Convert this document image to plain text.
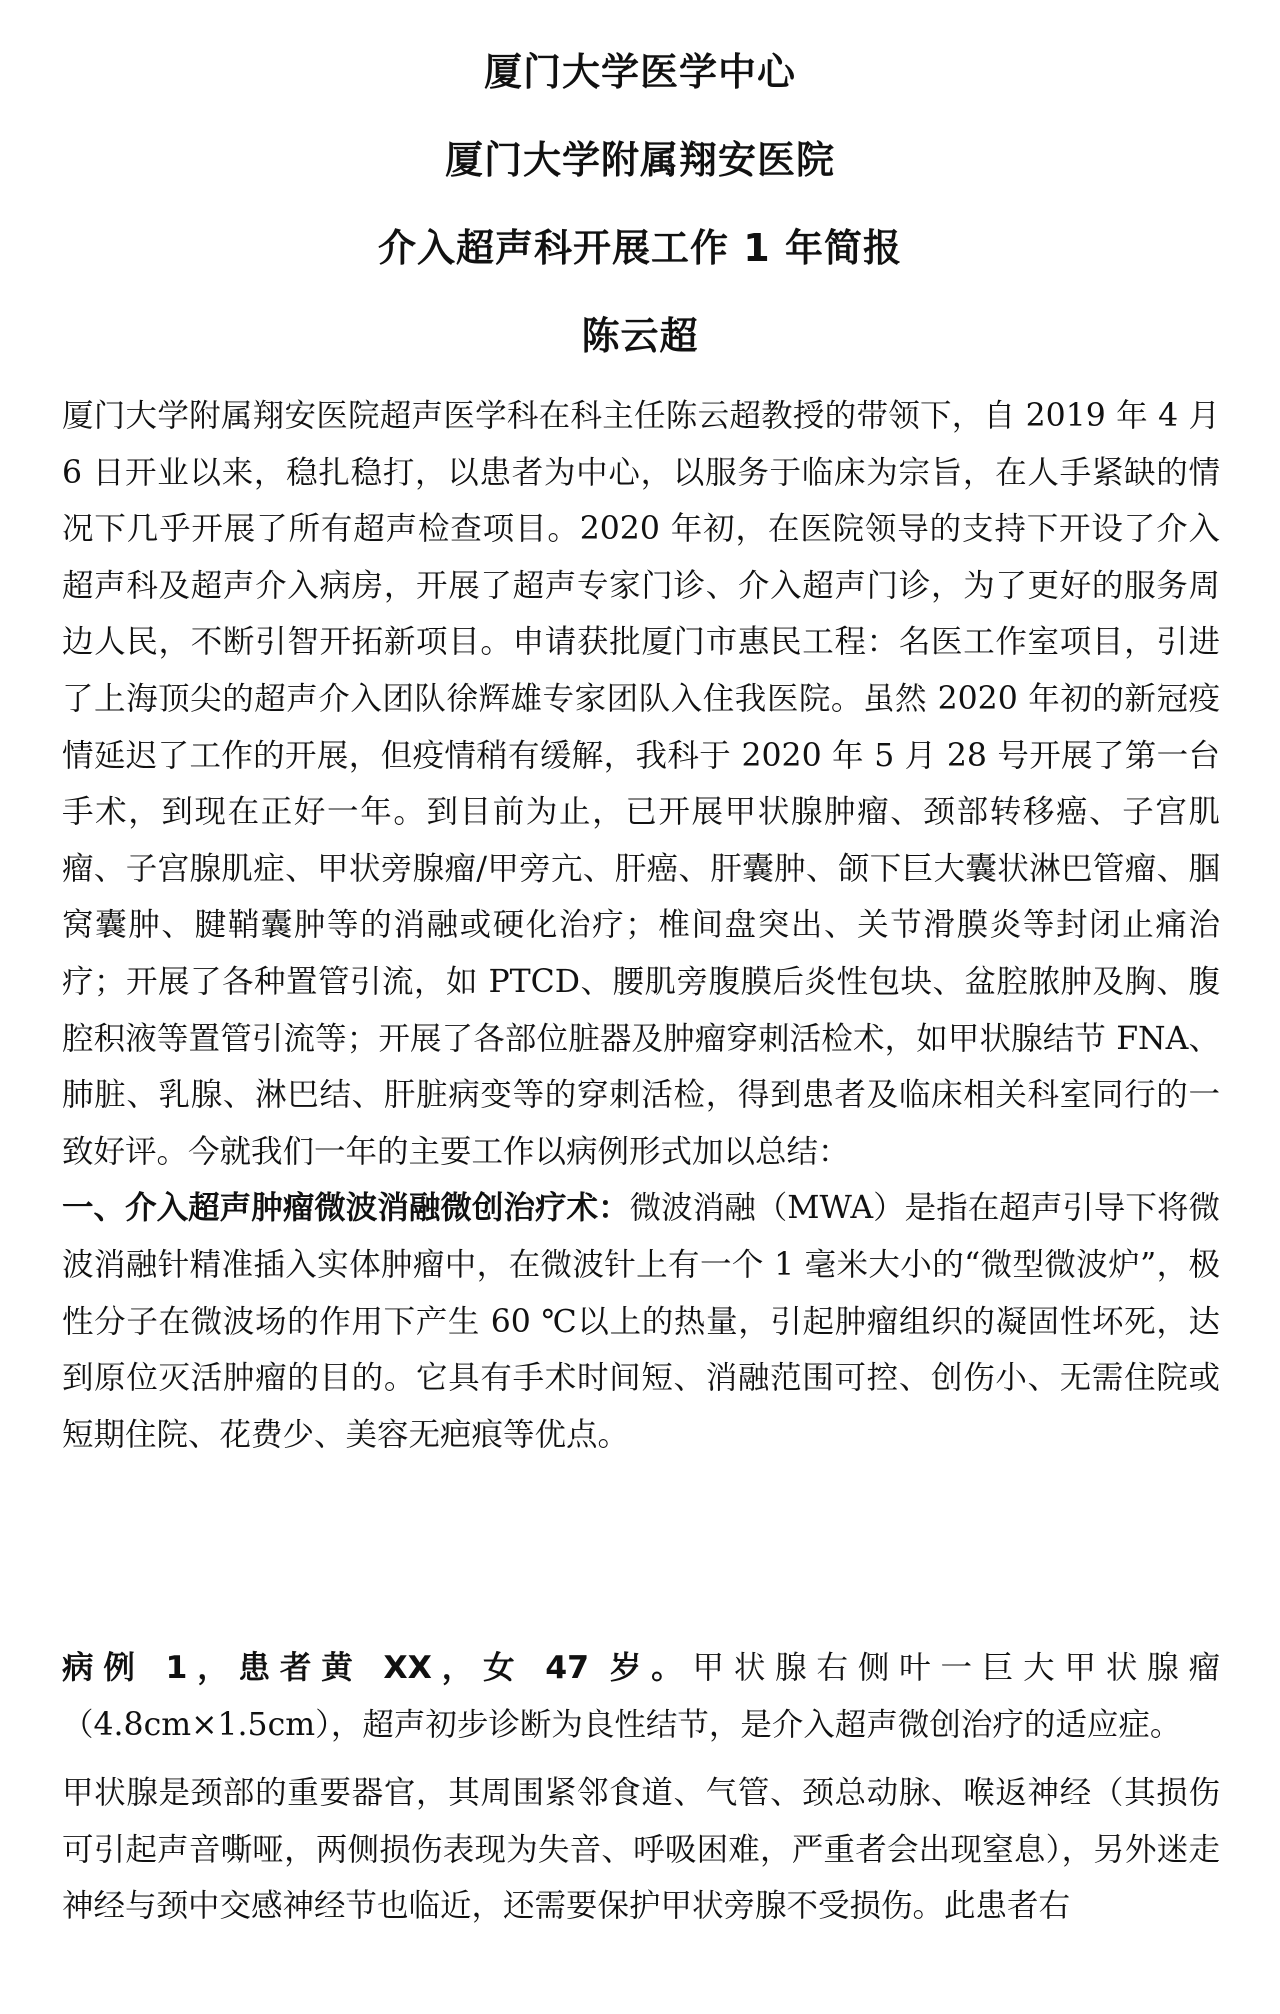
厦门大学医学中心
厦门大学附属翔安医院
介入超声科开展工作 1 年简报
陈云超

厦门大学附属翔安医院超声医学科在科主任陈云超教授的带领下，自 2019 年 4 月 6 日开业以来，稳扎稳打，以患者为中心，以服务于临床为宗旨，在人手紧缺的情况下几乎开展了所有超声检查项目。2020 年初，在医院领导的支持下开设了介入超声科及超声介入病房，开展了超声专家门诊、介入超声门诊，为了更好的服务周边人民，不断引智开拓新项目。申请获批厦门市惠民工程：名医工作室项目，引进了上海顶尖的超声介入团队徐辉雄专家团队入住我医院。虽然 2020 年初的新冠疫情延迟了工作的开展，但疫情稍有缓解，我科于 2020 年 5 月 28 号开展了第一台手术，到现在正好一年。到目前为止，已开展甲状腺肿瘤、颈部转移癌、子宫肌瘤、子宫腺肌症、甲状旁腺瘤/甲旁亢、肝癌、肝囊肿、颌下巨大囊状淋巴管瘤、腘窝囊肿、腱鞘囊肿等的消融或硬化治疗；椎间盘突出、关节滑膜炎等封闭止痛治疗；开展了各种置管引流，如 PTCD、腰肌旁腹膜后炎性包块、盆腔脓肿及胸、腹腔积液等置管引流等；开展了各部位脏器及肿瘤穿刺活检术，如甲状腺结节 FNA、肺脏、乳腺、淋巴结、肝脏病变等的穿刺活检，得到患者及临床相关科室同行的一致好评。今就我们一年的主要工作以病例形式加以总结：
一、介入超声肿瘤微波消融微创治疗术：微波消融（MWA）是指在超声引导下将微波消融针精准插入实体肿瘤中，在微波针上有一个 1 毫米大小的“微型微波炉”，极性分子在微波场的作用下产生 60 ℃以上的热量，引起肿瘤组织的凝固性坏死，达到原位灭活肿瘤的目的。它具有手术时间短、消融范围可控、创伤小、无需住院或短期住院、花费少、美容无疤痕等优点。

病例 1，患者黄 XX，女 47 岁。甲状腺右侧叶一巨大甲状腺瘤（4.8cm×1.5cm），超声初步诊断为良性结节，是介入超声微创治疗的适应症。

甲状腺是颈部的重要器官，其周围紧邻食道、气管、颈总动脉、喉返神经（其损伤可引起声音嘶哑，两侧损伤表现为失音、呼吸困难，严重者会出现窒息），另外迷走神经与颈中交感神经节也临近，还需要保护甲状旁腺不受损伤。此患者右
